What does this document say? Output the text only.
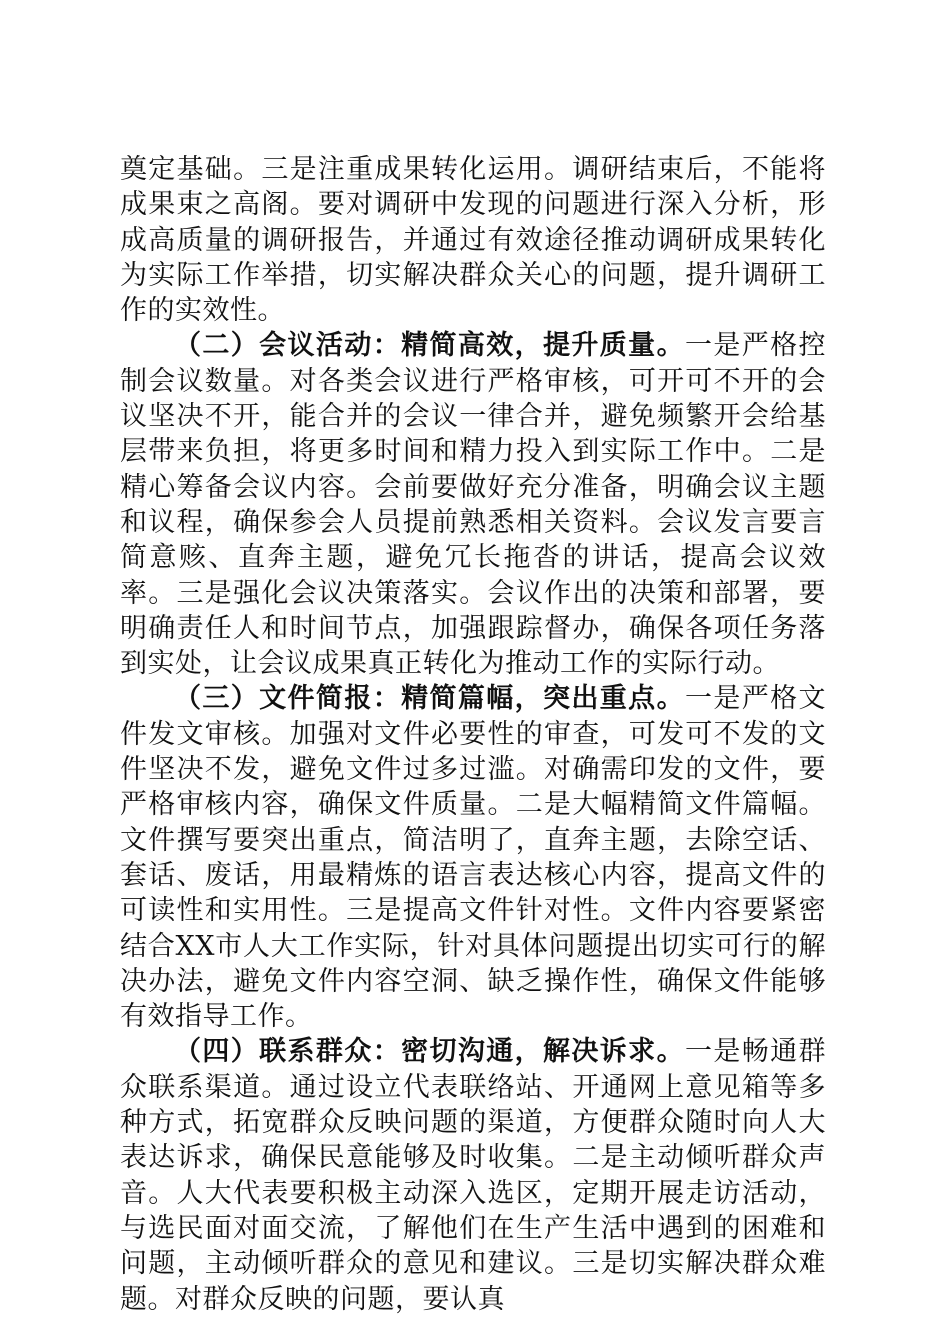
奠定基础。三是注重成果转化运用。调研结束后，不能将成果束之高阁。要对调研中发现的问题进行深入分析，形成高质量的调研报告，并通过有效途径推动调研成果转化为实际工作举措，切实解决群众关心的问题，提升调研工作的实效性。

（二）会议活动：精简高效，提升质量。一是严格控制会议数量。对各类会议进行严格审核，可开可不开的会议坚决不开，能合并的会议一律合并，避免频繁开会给基层带来负担，将更多时间和精力投入到实际工作中。二是精心筹备会议内容。会前要做好充分准备，明确会议主题和议程，确保参会人员提前熟悉相关资料。会议发言要言简意赅、直奔主题，避免冗长拖沓的讲话，提高会议效率。三是强化会议决策落实。会议作出的决策和部署，要明确责任人和时间节点，加强跟踪督办，确保各项任务落到实处，让会议成果真正转化为推动工作的实际行动。

（三）文件简报：精简篇幅，突出重点。一是严格文件发文审核。加强对文件必要性的审查，可发可不发的文件坚决不发，避免文件过多过滥。对确需印发的文件，要严格审核内容，确保文件质量。二是大幅精简文件篇幅。文件撰写要突出重点，简洁明了，直奔主题，去除空话、套话、废话，用最精炼的语言表达核心内容，提高文件的可读性和实用性。三是提高文件针对性。文件内容要紧密结合XX市人大工作实际，针对具体问题提出切实可行的解决办法，避免文件内容空洞、缺乏操作性，确保文件能够有效指导工作。

（四）联系群众：密切沟通，解决诉求。一是畅通群众联系渠道。通过设立代表联络站、开通网上意见箱等多种方式，拓宽群众反映问题的渠道，方便群众随时向人大表达诉求，确保民意能够及时收集。二是主动倾听群众声音。人大代表要积极主动深入选区，定期开展走访活动，与选民面对面交流，了解他们在生产生活中遇到的困难和问题，主动倾听群众的意见和建议。三是切实解决群众难题。对群众反映的问题，要认真
